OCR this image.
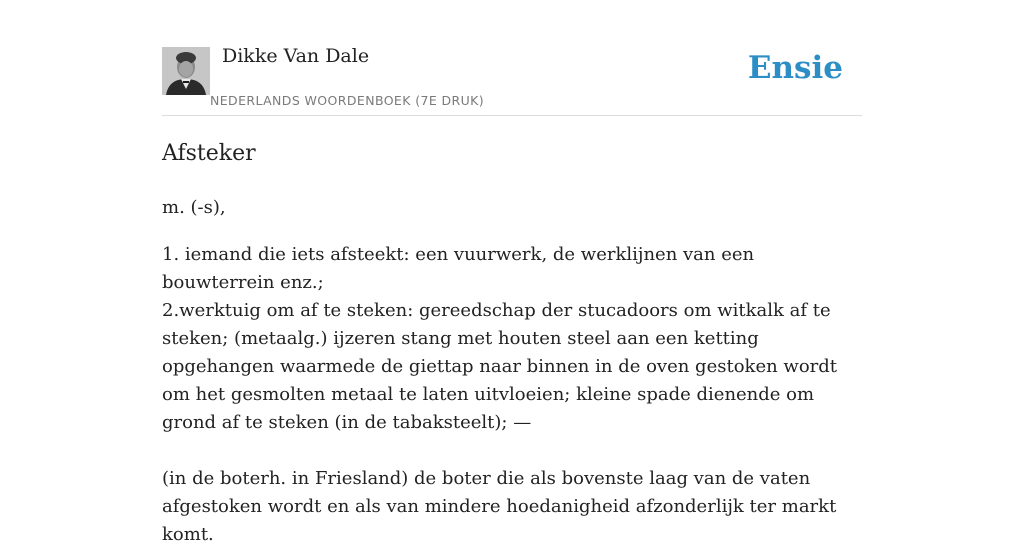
Dikke Van Dale
NEDERLANDS WOORDENBOEK (7E DRUK)
Ensie
Afsteker

m. (-s),

1. iemand die iets afsteekt: een vuurwerk, de werklijnen van een bouwterrein enz.;
2.werktuig om af te steken: gereedschap der stucadoors om witkalk af te steken; (metaalg.) ijzeren stang met houten steel aan een ketting opgehangen waarmede de giettap naar binnen in de oven gestoken wordt om het gesmolten metaal te laten uitvloeien; kleine spade dienende om grond af te steken (in de tabaksteelt); —

(in de boterh. in Friesland) de boter die als bovenste laag van de vaten afgestoken wordt en als van mindere hoedanigheid afzonderlijk ter markt komt.
